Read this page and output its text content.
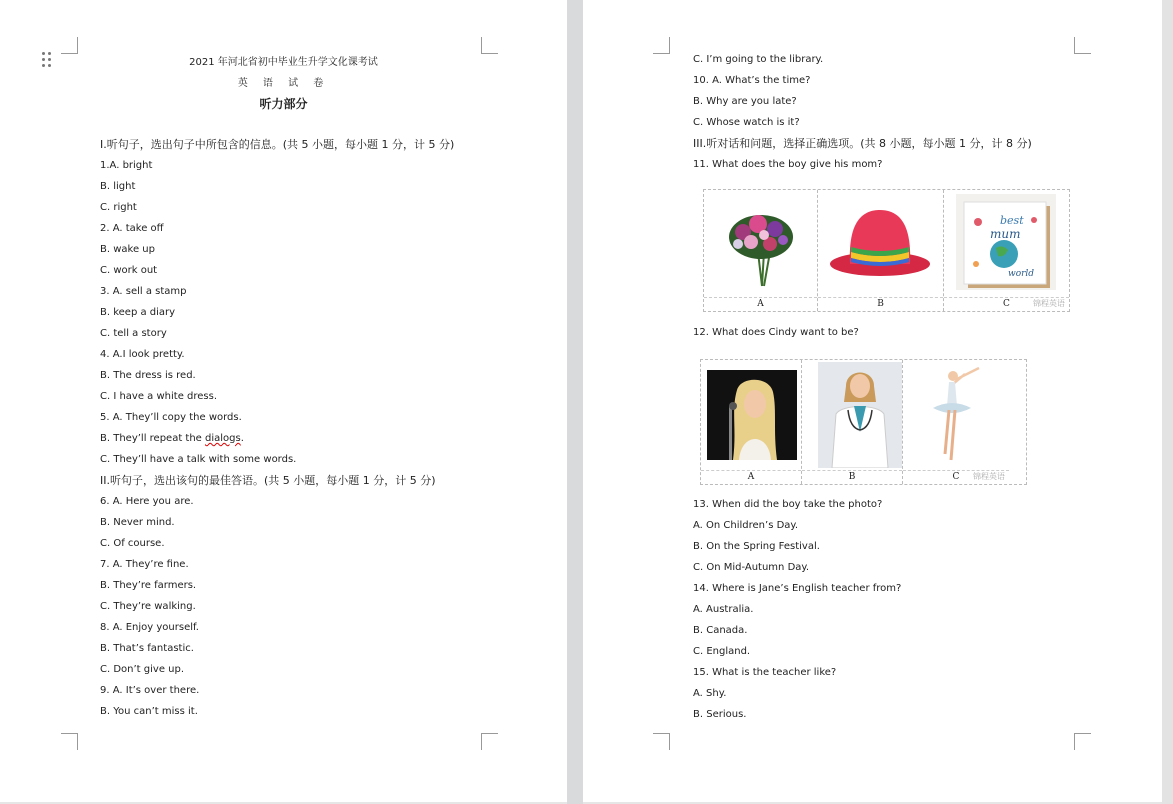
2021 年河北省初中毕业生升学文化课考试
英 语 试 卷
听力部分
I.听句子，选出句子中所包含的信息。(共 5 小题，每小题 1 分，计 5 分)
1.A. bright
B. light
C. right
2. A. take off
B. wake up
C. work out
3. A. sell a stamp
B. keep a diary
C. tell a story
4. A.I look pretty.
B. The dress is red.
C. I have a white dress.
5. A. They’ll copy the words.
B. They’ll repeat the dialogs.
C. They’ll have a talk with some words.
II.听句子，选出该句的最佳答语。(共 5 小题，每小题 1 分，计 5 分)
6. A. Here you are.
B. Never mind.
C. Of course.
7. A. They’re fine.
B. They’re farmers.
C. They’re walking.
8. A. Enjoy yourself.
B. That’s fantastic.
C. Don’t give up.
9. A. It’s over there.
B. You can’t miss it.
C. I’m going to the library.
10. A. What’s the time?
B. Why are you late?
C. Whose watch is it?
III.听对话和问题，选择正确选项。(共 8 小题，每小题 1 分，计 8 分)
11. What does the boy give his mom?
A	B
best
mum
world
C	锦程英语
12. What does Cindy want to be?
A	B	C 锦程英语
13. When did the boy take the photo?
A. On Children’s Day.
B. On the Spring Festival.
C. On Mid-Autumn Day.
14. Where is Jane’s English teacher from?
A. Australia.
B. Canada.
C. England.
15. What is the teacher like?
A. Shy.
B. Serious.
